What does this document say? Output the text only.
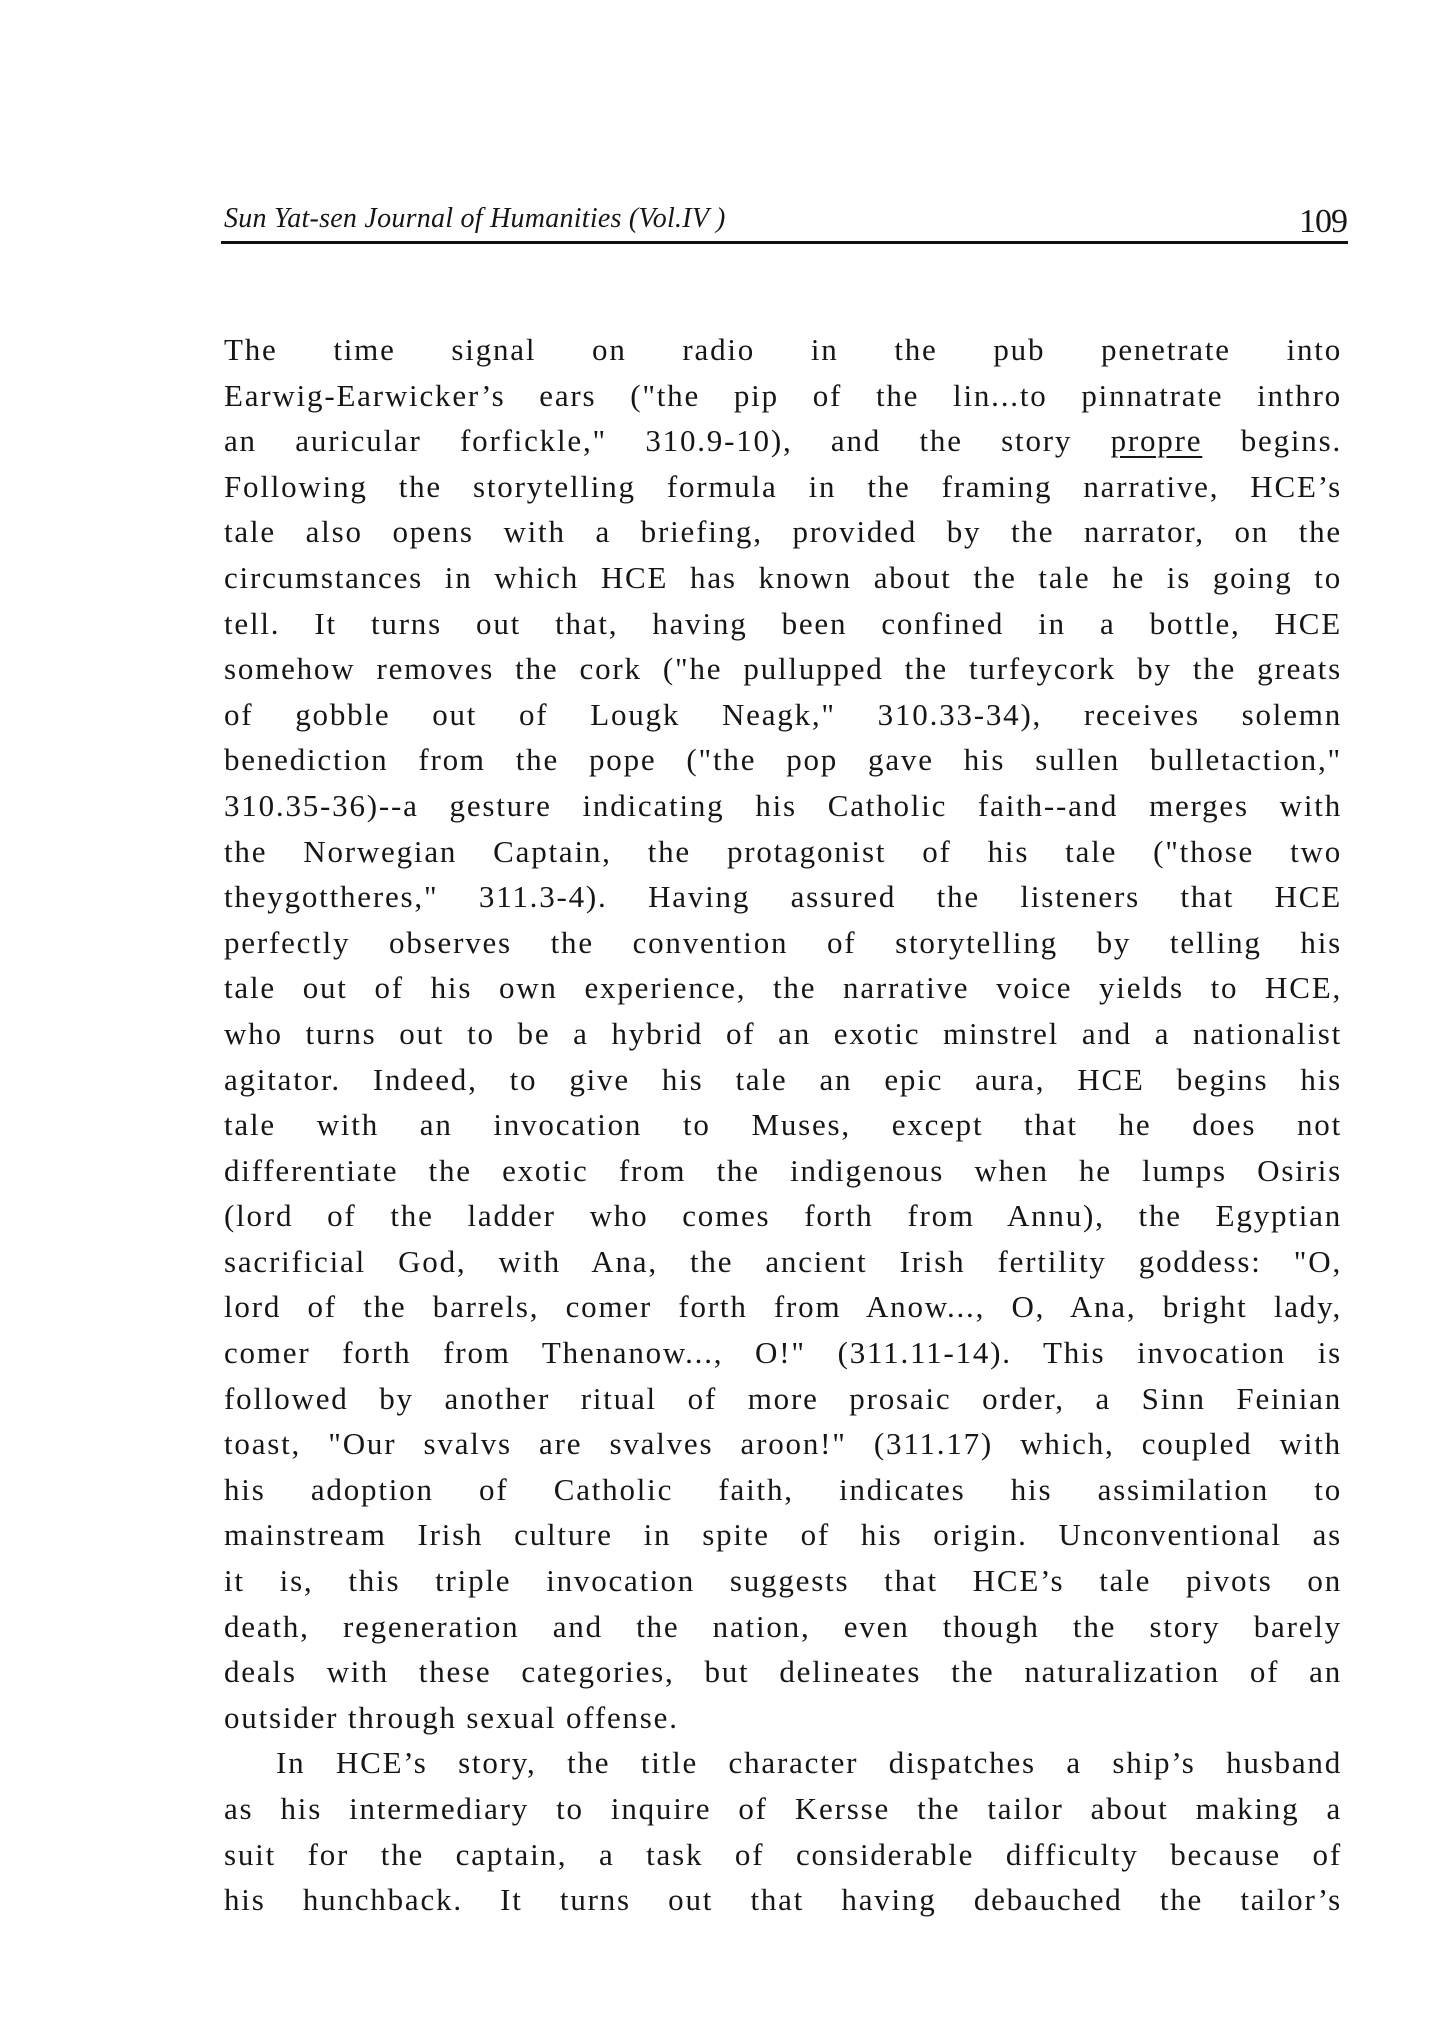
Sun Yat-sen Journal of Humanities (Vol.IV )	109
The time signal on radio in the pub penetrate into
Earwig-Earwicker’s ears ("the pip of the lin...to pinnatrate inthro
an auricular forfickle," 310.9-10), and the story propre begins.
Following the storytelling formula in the framing narrative, HCE’s
tale also opens with a briefing, provided by the narrator, on the
circumstances in which HCE has known about the tale he is going to
tell. It turns out that, having been confined in a bottle, HCE
somehow removes the cork ("he pullupped the turfeycork by the greats
of gobble out of Lougk Neagk," 310.33-34), receives solemn
benediction from the pope ("the pop gave his sullen bulletaction,"
310.35-36)--a gesture indicating his Catholic faith--and merges with
the Norwegian Captain, the protagonist of his tale ("those two
theygottheres," 311.3-4). Having assured the listeners that HCE
perfectly observes the convention of storytelling by telling his
tale out of his own experience, the narrative voice yields to HCE,
who turns out to be a hybrid of an exotic minstrel and a nationalist
agitator. Indeed, to give his tale an epic aura, HCE begins his
tale with an invocation to Muses, except that he does not
differentiate the exotic from the indigenous when he lumps Osiris
(lord of the ladder who comes forth from Annu), the Egyptian
sacrificial God, with Ana, the ancient Irish fertility goddess: "O,
lord of the barrels, comer forth from Anow..., O, Ana, bright lady,
comer forth from Thenanow..., O!" (311.11-14). This invocation is
followed by another ritual of more prosaic order, a Sinn Feinian
toast, "Our svalvs are svalves aroon!" (311.17) which, coupled with
his adoption of Catholic faith, indicates his assimilation to
mainstream Irish culture in spite of his origin. Unconventional as
it is, this triple invocation suggests that HCE’s tale pivots on
death, regeneration and the nation, even though the story barely
deals with these categories, but delineates the naturalization of an
outsider through sexual offense.
In HCE’s story, the title character dispatches a ship’s husband
as his intermediary to inquire of Kersse the tailor about making a
suit for the captain, a task of considerable difficulty because of
his hunchback. It turns out that having debauched the tailor’s
